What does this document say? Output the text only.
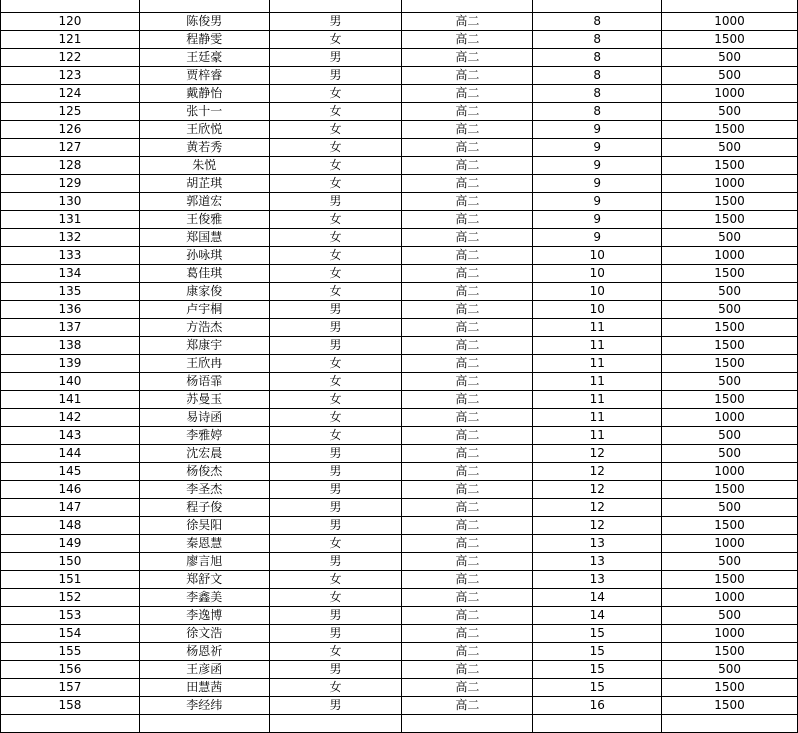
120	陈俊男	男	高二	8	1000
121	程静雯	女	高二	8	1500
122	王廷豪	男	高二	8	500
123	贾梓睿	男	高二	8	500
124	戴静怡	女	高二	8	1000
125	张十一	女	高二	8	500
126	王欣悦	女	高二	9	1500
127	黄若秀	女	高二	9	500
128	朱悦	女	高二	9	1500
129	胡芷琪	女	高二	9	1000
130	郭道宏	男	高二	9	1500
131	王俊雅	女	高二	9	1500
132	郑国慧	女	高二	9	500
133	孙咏琪	女	高二	10	1000
134	葛佳琪	女	高二	10	1500
135	康家俊	女	高二	10	500
136	卢宇桐	男	高二	10	500
137	方浩杰	男	高二	11	1500
138	郑康宇	男	高二	11	1500
139	王欣冉	女	高二	11	1500
140	杨语霏	女	高二	11	500
141	苏曼玉	女	高二	11	1500
142	易诗函	女	高二	11	1000
143	李雅婷	女	高二	11	500
144	沈宏晨	男	高二	12	500
145	杨俊杰	男	高二	12	1000
146	李圣杰	男	高二	12	1500
147	程子俊	男	高二	12	500
148	徐昊阳	男	高二	12	1500
149	秦恩慧	女	高二	13	1000
150	廖言旭	男	高二	13	500
151	郑舒文	女	高二	13	1500
152	李鑫美	女	高二	14	1000
153	李逸博	男	高二	14	500
154	徐文浩	男	高二	15	1000
155	杨恩祈	女	高二	15	1500
156	王彦函	男	高二	15	500
157	田慧茜	女	高二	15	1500
158	李经纬	男	高二	16	1500
